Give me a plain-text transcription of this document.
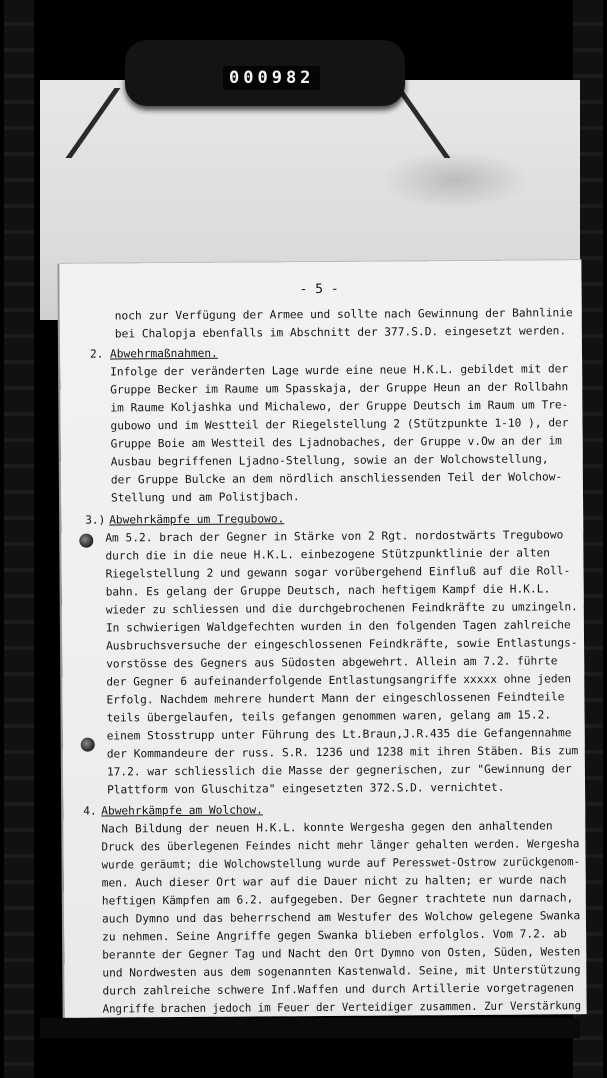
000982
- 5 -
noch zur Verfügung der Armee und sollte nach Gewinnung der Bahnlinie
bei Chalopja ebenfalls im Abschnitt der 377.S.D. eingesetzt werden.
2. Abwehrmaßnahmen.
Infolge der veränderten Lage wurde eine neue H.K.L. gebildet mit der
Gruppe Becker im Raume um Spasskaja, der Gruppe Heun an der Rollbahn
im Raume Koljashka und Michalewo, der Gruppe Deutsch im Raum um Tre-
gubowo und im Westteil der Riegelstellung 2 (Stützpunkte 1-10 ), der
Gruppe Boie am Westteil des Ljadnobaches, der Gruppe v.Ow an der im
Ausbau begriffenen Ljadno-Stellung, sowie an der Wolchowstellung,
der Gruppe Bulcke an dem nördlich anschliessenden Teil der Wolchow-
Stellung und am Polistjbach.
3.) Abwehrkämpfe um Tregubowo.
Am 5.2. brach der Gegner in Stärke von 2 Rgt. nordostwärts Tregubowo
durch die in die neue H.K.L. einbezogene Stützpunktlinie der alten
Riegelstellung 2 und gewann sogar vorübergehend Einfluß auf die Roll-
bahn. Es gelang der Gruppe Deutsch, nach heftigem Kampf die H.K.L.
wieder zu schliessen und die durchgebrochenen Feindkräfte zu umzingeln.
In schwierigen Waldgefechten wurden in den folgenden Tagen zahlreiche
Ausbruchsversuche der eingeschlossenen Feindkräfte, sowie Entlastungs-
vorstösse des Gegners aus Südosten abgewehrt. Allein am 7.2. führte
der Gegner 6 aufeinanderfolgende Entlastungsangriffe xxxxx ohne jeden
Erfolg. Nachdem mehrere hundert Mann der eingeschlossenen Feindteile
teils übergelaufen, teils gefangen genommen waren, gelang am 15.2.
einem Stosstrupp unter Führung des Lt.Braun,J.R.435 die Gefangennahme
der Kommandeure der russ. S.R. 1236 und 1238 mit ihren Stäben. Bis zum
17.2. war schliesslich die Masse der gegnerischen, zur "Gewinnung der
Plattform von Gluschitza" eingesetzten 372.S.D. vernichtet.
4. Abwehrkämpfe am Wolchow.
Nach Bildung der neuen H.K.L. konnte Wergesha gegen den anhaltenden
Druck des überlegenen Feindes nicht mehr länger gehalten werden. Wergesha
wurde geräumt; die Wolchowstellung wurde auf Peresswet-Ostrow zurückgenom-
men. Auch dieser Ort war auf die Dauer nicht zu halten; er wurde nach
heftigen Kämpfen am 6.2. aufgegeben. Der Gegner trachtete nun darnach,
auch Dymno und das beherrschend am Westufer des Wolchow gelegene Swanka
zu nehmen. Seine Angriffe gegen Swanka blieben erfolglos. Vom 7.2. ab
berannte der Gegner Tag und Nacht den Ort Dymno von Osten, Süden, Westen
und Nordwesten aus dem sogenannten Kastenwald. Seine, mit Unterstützung
durch zahlreiche schwere Inf.Waffen und durch Artillerie vorgetragenen
Angriffe brachen jedoch im Feuer der Verteidiger zusammen. Zur Verstärkung
